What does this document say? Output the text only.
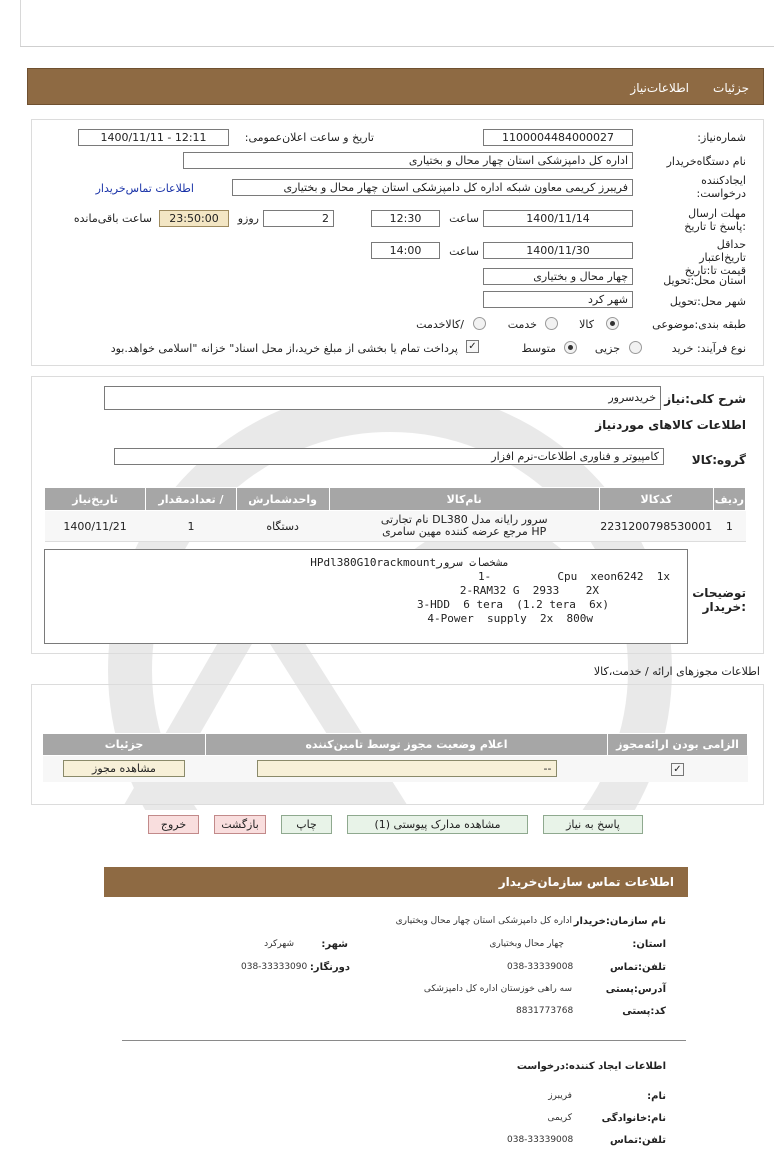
جزئیات
اطلاعات‌نیاز
شماره‌نیاز:
1100004484000027
تاریخ و ساعت اعلان‌عمومی:
1400/11/11 - 12:11
نام دستگاه‌خریدار
اداره کل دامپزشکی استان چهار محال و بختیاری
ایجادکننده درخواست:
فریبرز کریمی معاون شبکه اداره کل دامپزشکی استان چهار محال و بختیاری
اطلاعات تماس‌خریدار
مهلت ارسال :پاسخ تا تاریخ
1400/11/14
ساعت
12:30
2
روزو
23:50:00
ساعت باقی‌مانده
حداقل تاریخ‌اعتبار قیمت تا:تاریخ
1400/11/30
ساعت
14:00
استان محل:تحویل
چهار محال و بختیاری
شهر محل:تحویل
شهر کرد
طبقه بندی:موضوعی
کالا
خدمت
/کالاخدمت
نوع فرآیند: خرید
جزیی
متوسط
✓
پرداخت تمام یا بخشی از مبلغ خرید،از محل اسناد" خزانه "اسلامی خواهد.بود
شرح کلی:نیاز
خریدسرور
اطلاعات کالاهای موردنیاز
گروه:کالا
کامپیوتر و فناوری اطلاعات-نرم افزار
ردیف	کدکالا	نام‌کالا	واحدشمارش	/ تعدادمقدار	تاریخ‌نیاز
1	2231200798530001	سرور رایانه مدل DL380 نام تجارتی
HP مرجع عرضه کننده مهین سامری	دستگاه	1	1400/11/21
توضیحات :خریدار
مشخصات سرورHPdl380G10rackmount
1-          Cpu  xeon6242  1x
2-RAM32 G  2933    2X
3-HDD  6 tera  (1.2 tera  6x)
4-Power  supply  2x  800w
اطلاعات مجوزهای ارائه / خدمت،کالا
الزامی بودن ارائه‌مجوز	اعلام وضعیت مجوز توسط تامین‌کننده	جزئیات
✓	--	مشاهده مجوز
پاسخ به نیاز
مشاهده مدارک پیوستی (1)
چاپ
بازگشت
خروج
اطلاعات تماس سازمان‌خریدار
نام سازمان:خریدار
اداره کل دامپزشکی استان چهار محال وبختیاری
استان:
چهار محال وبختیاری
شهر:
شهرکرد
تلفن:تماس
038-33339008
دورنگار:
038-33333090
آدرس:پستی
سه راهی خوزستان اداره کل دامپزشکی
کد:پستی
8831773768
اطلاعات ایجاد کننده:درخواست
نام:
فریبرز
نام:خانوادگی
کریمی
تلفن:تماس
038-33339008
